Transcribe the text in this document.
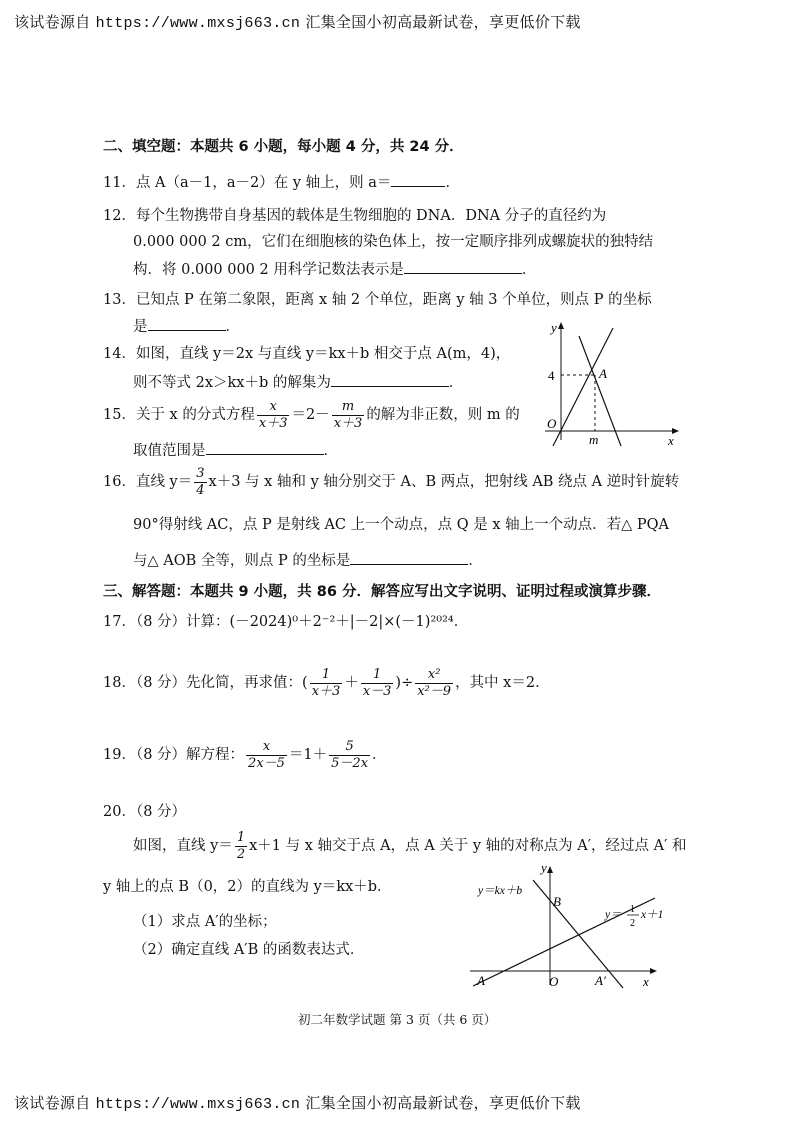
该试卷源自 https://www.mxsj663.cn 汇集全国小初高最新试卷，享更低价下载
二、填空题：本题共 6 小题，每小题 4 分，共 24 分．
11．点 A（a－1，a－2）在 y 轴上，则 a＝	．
12．每个生物携带自身基因的载体是生物细胞的 DNA．DNA 分子的直径约为
0.000 000 2 cm，它们在细胞核的染色体上，按一定顺序排列成螺旋状的独特结
构．将 0.000 000 2 用科学记数法表示是	．
13．已知点 P 在第二象限，距离 x 轴 2 个单位，距离 y 轴 3 个单位，则点 P 的坐标
是	．
14．如图，直线 y＝2x 与直线 y＝kx＋b 相交于点 A(m，4)，
则不等式 2x＞kx＋b 的解集为	．
y
x
O
A
4
m
15．关于 x 的分式方程 $\frac{x}{x+3} =2- \frac{m}{x+3}$ 的解为非正数，则 m 的
取值范围是	．
16．直线 $y= \frac{3}{4} x+3$ 与 x 轴和 y 轴分别交于 A、B 两点，把射线 AB 绕点 A 逆时针旋转
90°得射线 AC，点 P 是射线 AC 上一个动点，点 Q 是 x 轴上一个动点．若△ PQA
与△ AOB 全等，则点 P 的坐标是	．
三、解答题：本题共 9 小题，共 86 分．解答应写出文字说明、证明过程或演算步骤．
17．（8 分）计算：(－2024)⁰＋2⁻²＋|－2|×(－1)²⁰²⁴．
18．（8 分）先化简，再求值：( $\frac{1}{x+3} + \frac{1}{x-3}$ )÷ $\frac{\text{x²}}{\text{x²－9}}$ ，其中 x＝2．
19．（8 分）解方程： $\frac{x}{2x-5} =1+ \frac{5}{5-2x}$ ．
20．（8 分）
如图，直线 $y= \frac{1}{2} x+1$ 与 x 轴交于点 A，点 A 关于 y 轴的对称点为 A′，经过点 A′ 和
y 轴上的点 B（0，2）的直线为 y＝kx＋b．
（1）求点 A′的坐标；
（2）确定直线 A′B 的函数表达式．
y
x
O
A	A′
B
y＝kx＋b
y＝ 1
2
x＋1
初二年数学试题 第 3 页（共 6 页）
该试卷源自 https://www.mxsj663.cn 汇集全国小初高最新试卷，享更低价下载
